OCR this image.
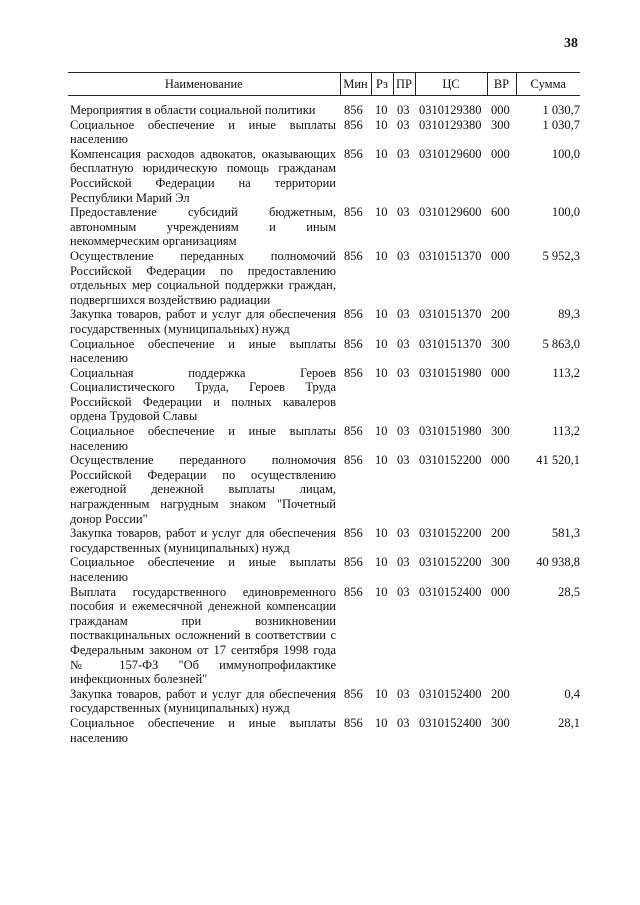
38
Наименование	Мин	Рз	ПР	ЦС	ВР	Сумма
Мероприятия в области социальной политики	856	10	03	0310129380	000	1 030,7
Социальное обеспечение и иные выплаты населению	856	10	03	0310129380	300	1 030,7
Компенсация расходов адвокатов, оказывающих бесплатную юридическую помощь гражданам Российской Федерации на территории Республики Марий Эл	856	10	03	0310129600	000	100,0
Предоставление субсидий бюджетным, автономным учреждениям и иным некоммерческим организациям	856	10	03	0310129600	600	100,0
Осуществление переданных полномочий Российской Федерации по предоставлению отдельных мер социальной поддержки граждан, подвергшихся воздействию радиации	856	10	03	0310151370	000	5 952,3
Закупка товаров, работ и услуг для обеспечения государственных (муниципальных) нужд	856	10	03	0310151370	200	89,3
Социальное обеспечение и иные выплаты населению	856	10	03	0310151370	300	5 863,0
Социальная поддержка Героев Социалистического Труда, Героев Труда Российской Федерации и полных кавалеров ордена Трудовой Славы	856	10	03	0310151980	000	113,2
Социальное обеспечение и иные выплаты населению	856	10	03	0310151980	300	113,2
Осуществление переданного полномочия Российской Федерации по осуществлению ежегодной денежной выплаты лицам, награжденным нагрудным знаком "Почетный донор России"	856	10	03	0310152200	000	41 520,1
Закупка товаров, работ и услуг для обеспечения государственных (муниципальных) нужд	856	10	03	0310152200	200	581,3
Социальное обеспечение и иные выплаты населению	856	10	03	0310152200	300	40 938,8
Выплата государственного единовременного пособия и ежемесячной денежной компенсации гражданам при возникновении поствакцинальных осложнений в соответствии с Федеральным законом от 17 сентября 1998 года № 157-ФЗ "Об иммунопрофилактике инфекционных болезней"	856	10	03	0310152400	000	28,5
Закупка товаров, работ и услуг для обеспечения государственных (муниципальных) нужд	856	10	03	0310152400	200	0,4
Социальное обеспечение и иные выплаты населению	856	10	03	0310152400	300	28,1
